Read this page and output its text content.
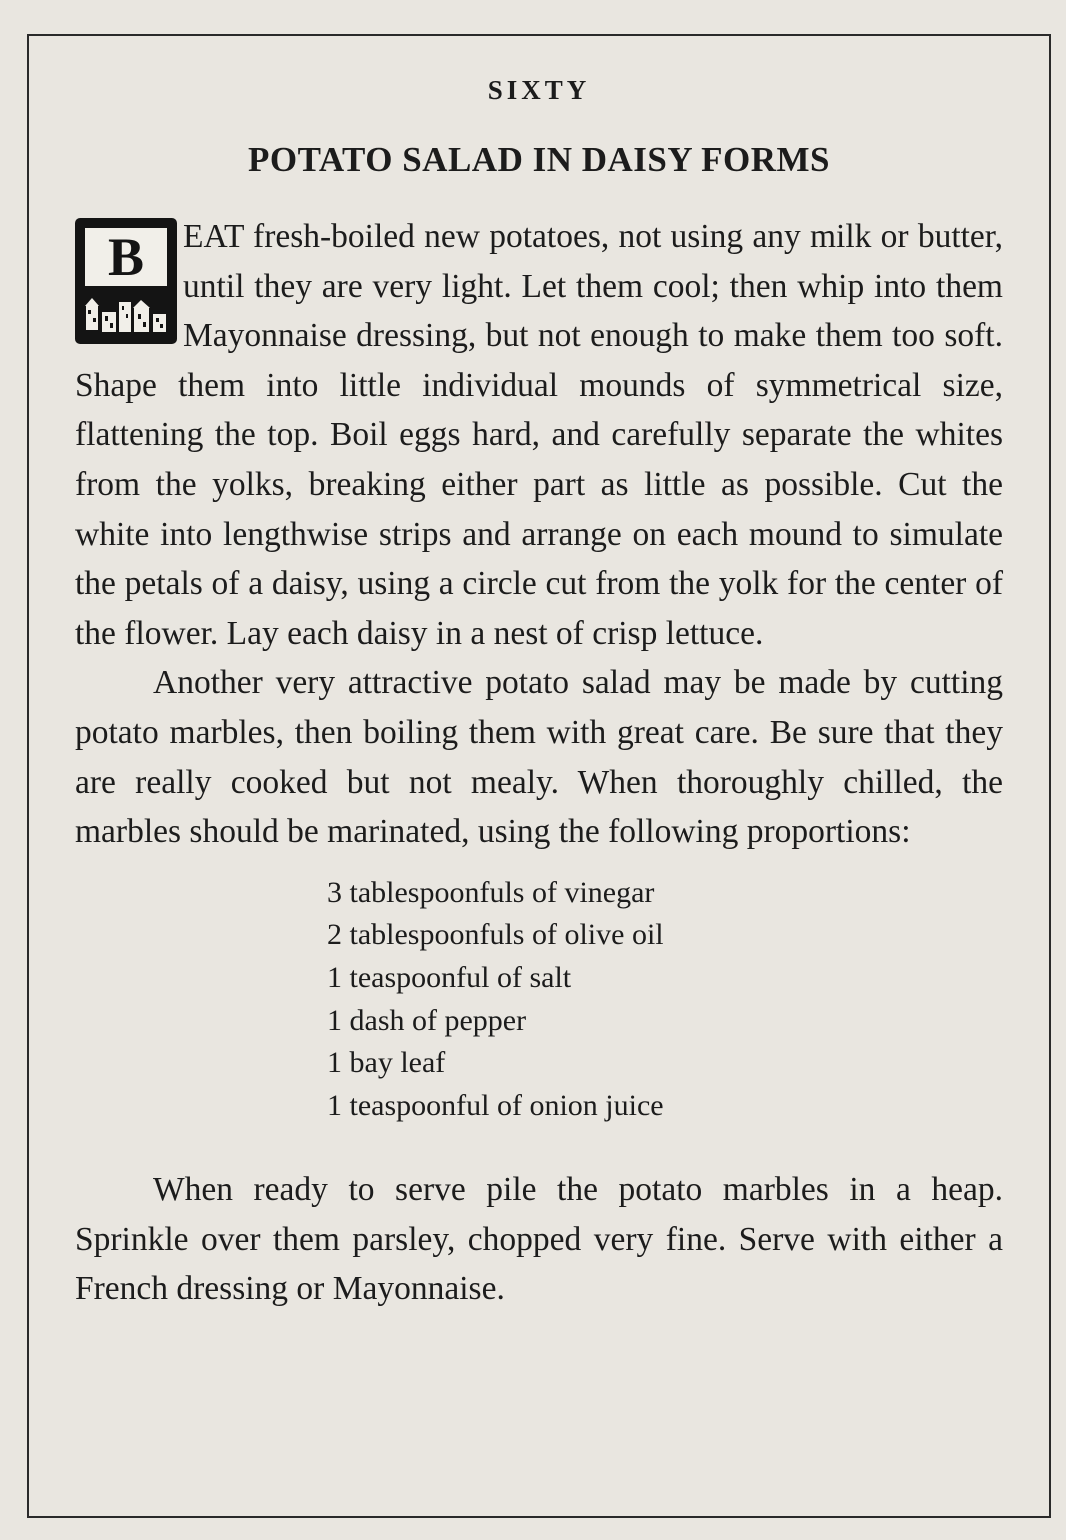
SIXTY
POTATO SALAD IN DAISY FORMS

B	EAT fresh-boiled new potatoes, not using any milk or butter, until they are very light. Let them cool; then whip into them Mayonnaise dressing, but not enough to make them too soft. Shape them into little individual mounds of symmetrical size, flattening the top. Boil eggs hard, and carefully separate the whites from the yolks, breaking either part as little as possible. Cut the white into lengthwise strips and arrange on each mound to simulate the petals of a daisy, using a circle cut from the yolk for the center of the flower. Lay each daisy in a nest of crisp lettuce.

Another very attractive potato salad may be made by cutting potato marbles, then boiling them with great care. Be sure that they are really cooked but not mealy. When thoroughly chilled, the marbles should be marinated, using the following proportions:

3 tablespoonfuls of vinegar
2 tablespoonfuls of olive oil
1 teaspoonful of salt
1 dash of pepper
1 bay leaf
1 teaspoonful of onion juice

When ready to serve pile the potato marbles in a heap. Sprinkle over them parsley, chopped very fine. Serve with either a French dressing or Mayonnaise.
